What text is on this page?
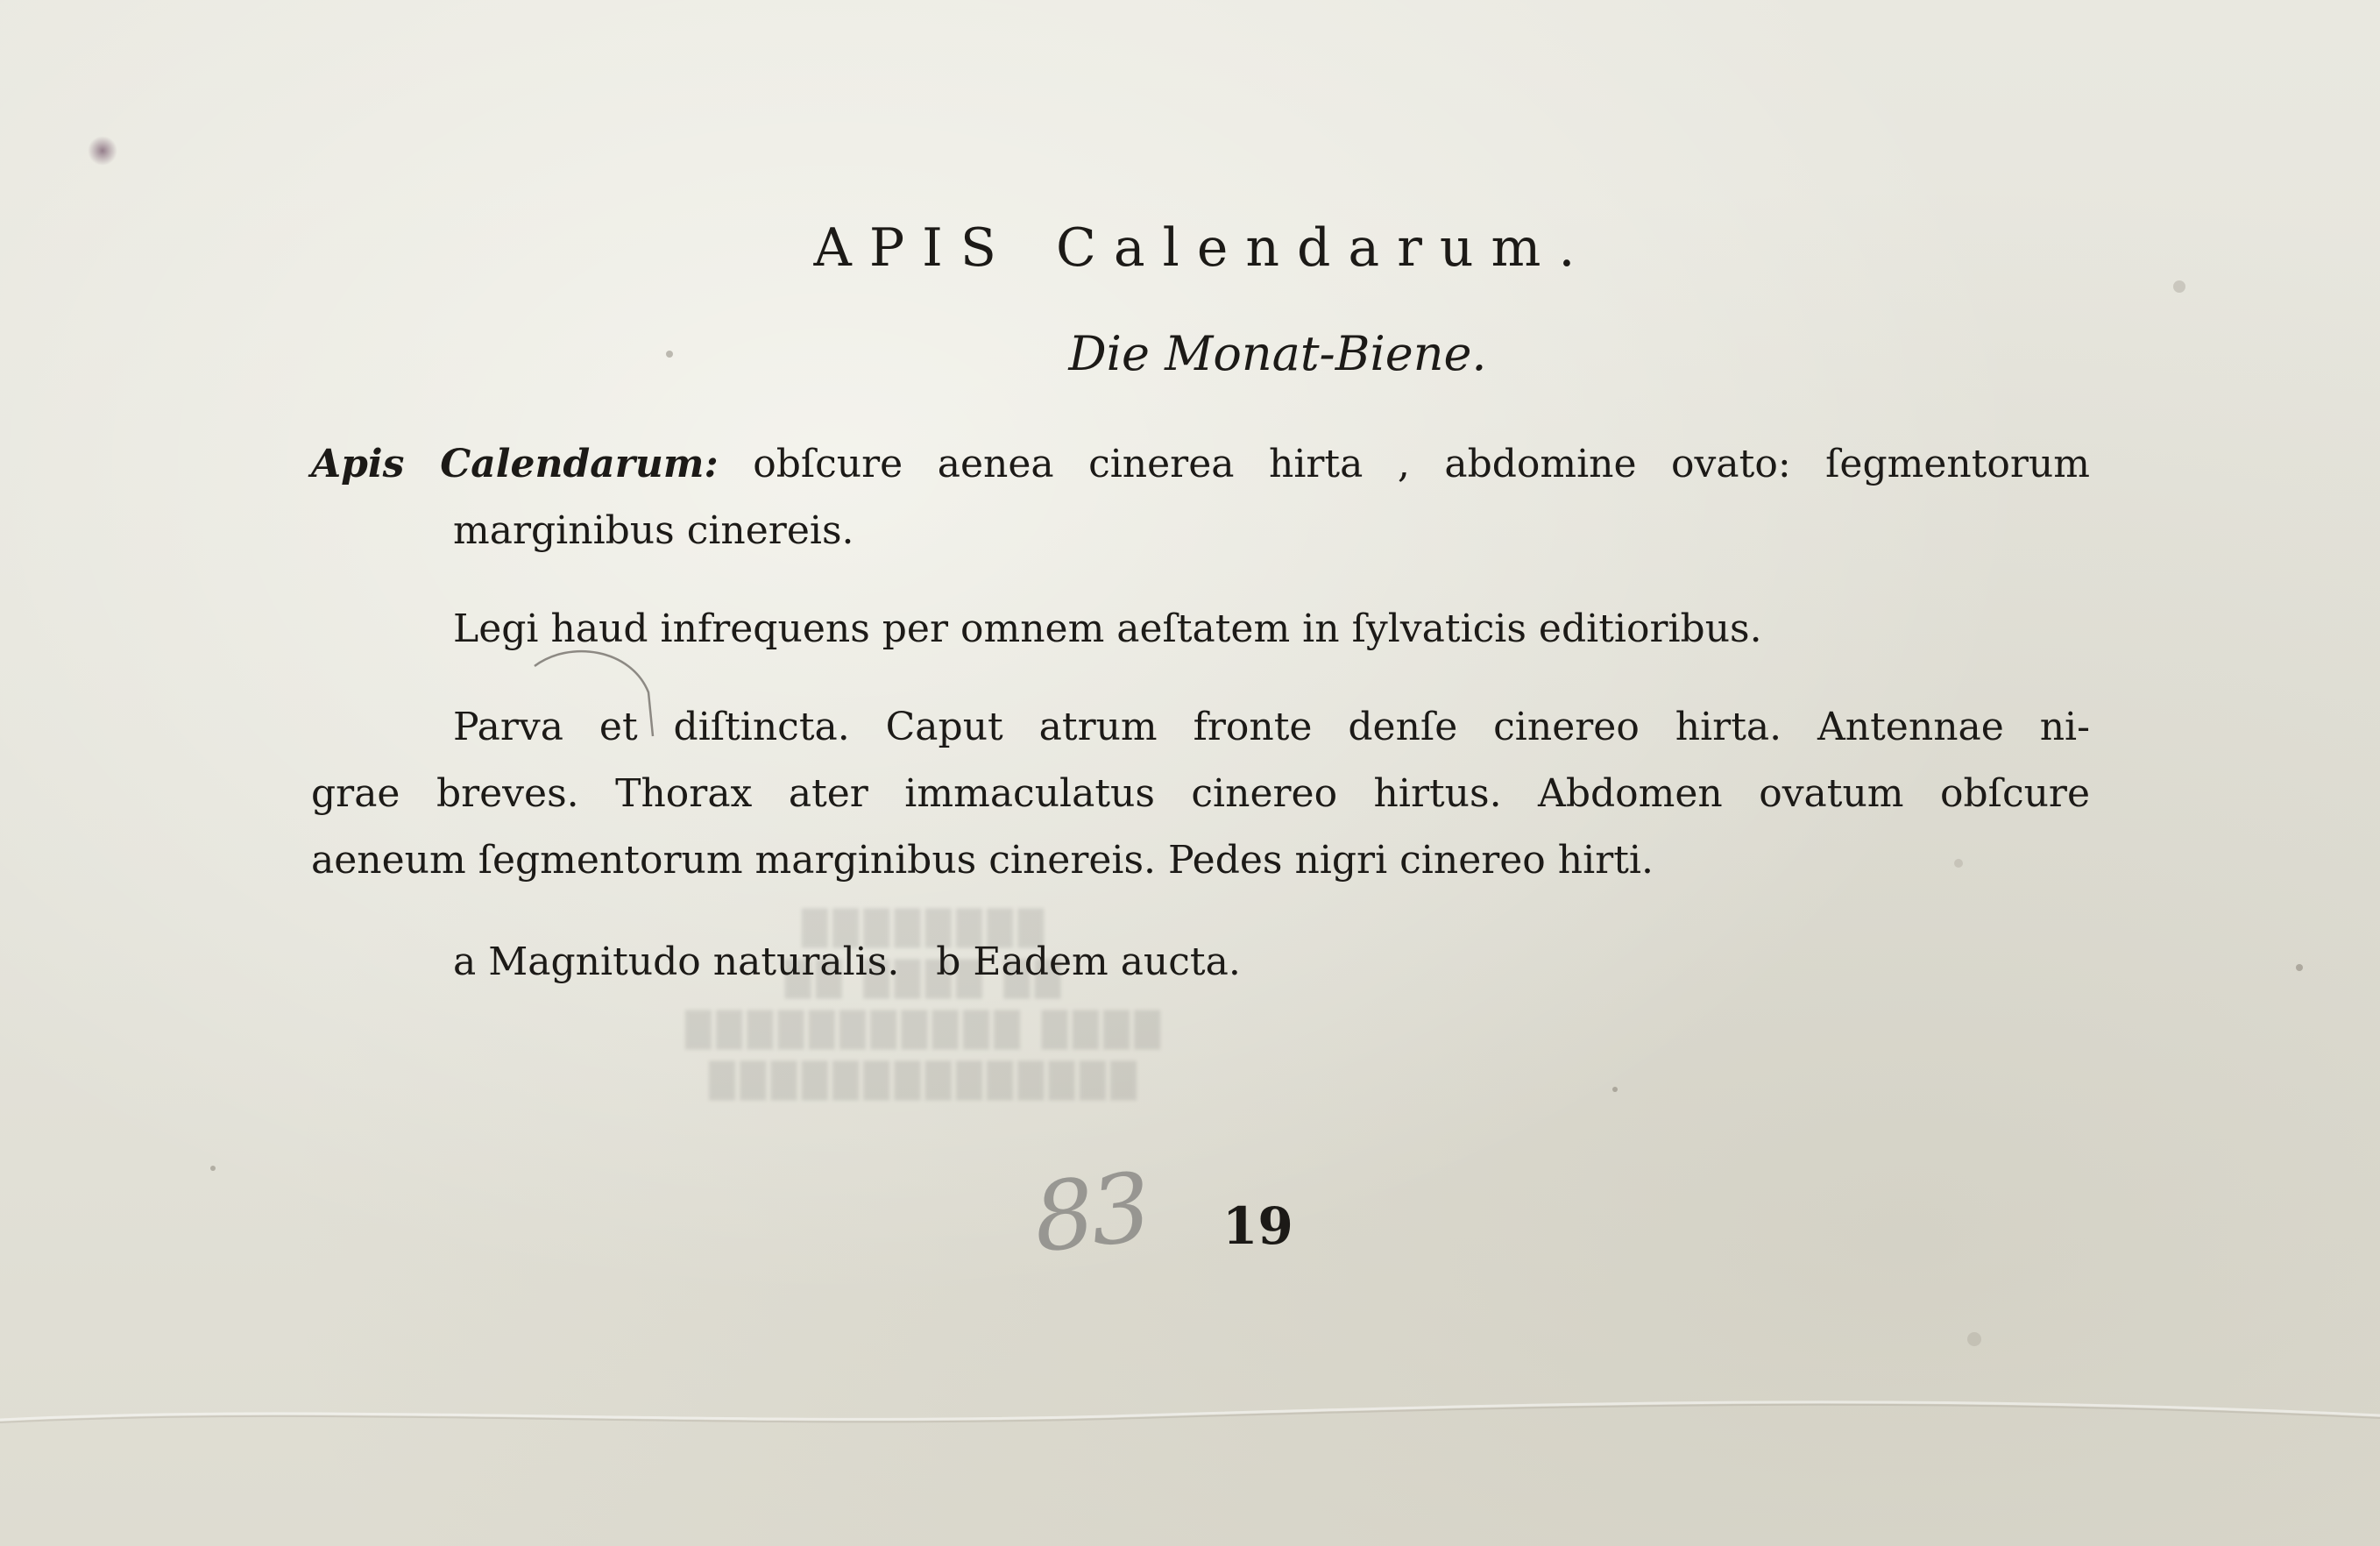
████████
██ ████ ██
████ ███████████
██████████████
APIS Calendarum.
Die Monat-Biene.
Apis Calendarum: obſcure aenea cinerea hirta , abdomine ovato: ſegmentorum
marginibus cinereis.
Legi haud infrequens per omnem aeſtatem in ſylvaticis editioribus.
Parva et diſtincta. Caput atrum fronte denſe cinereo hirta. Antennae ni-
grae breves. Thorax ater immaculatus cinereo hirtus. Abdomen ovatum obſcure
aeneum ſegmentorum marginibus cinereis. Pedes nigri cinereo hirti.
a Magnitudo naturalis. b Eadem aucta.
83 19
